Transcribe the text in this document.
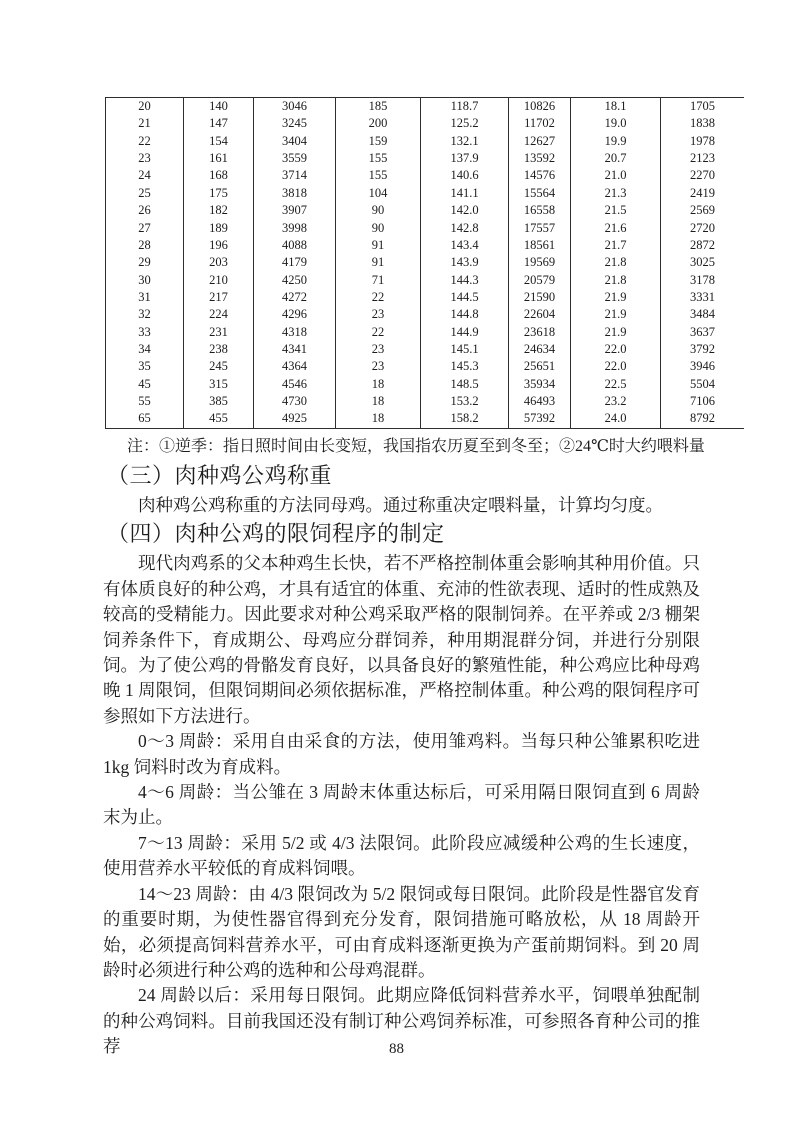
20	140	3046	185	118.7	10826	18.1	1705
21	147	3245	200	125.2	11702	19.0	1838
22	154	3404	159	132.1	12627	19.9	1978
23	161	3559	155	137.9	13592	20.7	2123
24	168	3714	155	140.6	14576	21.0	2270
25	175	3818	104	141.1	15564	21.3	2419
26	182	3907	90	142.0	16558	21.5	2569
27	189	3998	90	142.8	17557	21.6	2720
28	196	4088	91	143.4	18561	21.7	2872
29	203	4179	91	143.9	19569	21.8	3025
30	210	4250	71	144.3	20579	21.8	3178
31	217	4272	22	144.5	21590	21.9	3331
32	224	4296	23	144.8	22604	21.9	3484
33	231	4318	22	144.9	23618	21.9	3637
34	238	4341	23	145.1	24634	22.0	3792
35	245	4364	23	145.3	25651	22.0	3946
45	315	4546	18	148.5	35934	22.5	5504
55	385	4730	18	153.2	46493	23.2	7106
65	455	4925	18	158.2	57392	24.0	8792
注：①逆季：指日照时间由长变短，我国指农历夏至到冬至；②24℃时大约喂料量
（三）肉种鸡公鸡称重

肉种鸡公鸡称重的方法同母鸡。通过称重决定喂料量，计算均匀度。

（四）肉种公鸡的限饲程序的制定

现代肉鸡系的父本种鸡生长快，若不严格控制体重会影响其种用价值。只有体质良好的种公鸡，才具有适宜的体重、充沛的性欲表现、适时的性成熟及较高的受精能力。因此要求对种公鸡采取严格的限制饲养。在平养或 2/3 棚架饲养条件下，育成期公、母鸡应分群饲养，种用期混群分饲，并进行分别限饲。为了使公鸡的骨骼发育良好，以具备良好的繁殖性能，种公鸡应比种母鸡晚 1 周限饲，但限饲期间必须依据标准，严格控制体重。种公鸡的限饲程序可参照如下方法进行。

0～3 周龄：采用自由采食的方法，使用雏鸡料。当每只种公雏累积吃进 1kg 饲料时改为育成料。

4～6 周龄：当公雏在 3 周龄末体重达标后，可采用隔日限饲直到 6 周龄末为止。

7～13 周龄：采用 5/2 或 4/3 法限饲。此阶段应减缓种公鸡的生长速度，使用营养水平较低的育成料饲喂。

14～23 周龄：由 4/3 限饲改为 5/2 限饲或每日限饲。此阶段是性器官发育的重要时期，为使性器官得到充分发育，限饲措施可略放松，从 18 周龄开始，必须提高饲料营养水平，可由育成料逐渐更换为产蛋前期饲料。到 20 周龄时必须进行种公鸡的选种和公母鸡混群。

24 周龄以后：采用每日限饲。此期应降低饲料营养水平，饲喂单独配制的种公鸡饲料。目前我国还没有制订种公鸡饲养标准，可参照各育种公司的推荐	88
